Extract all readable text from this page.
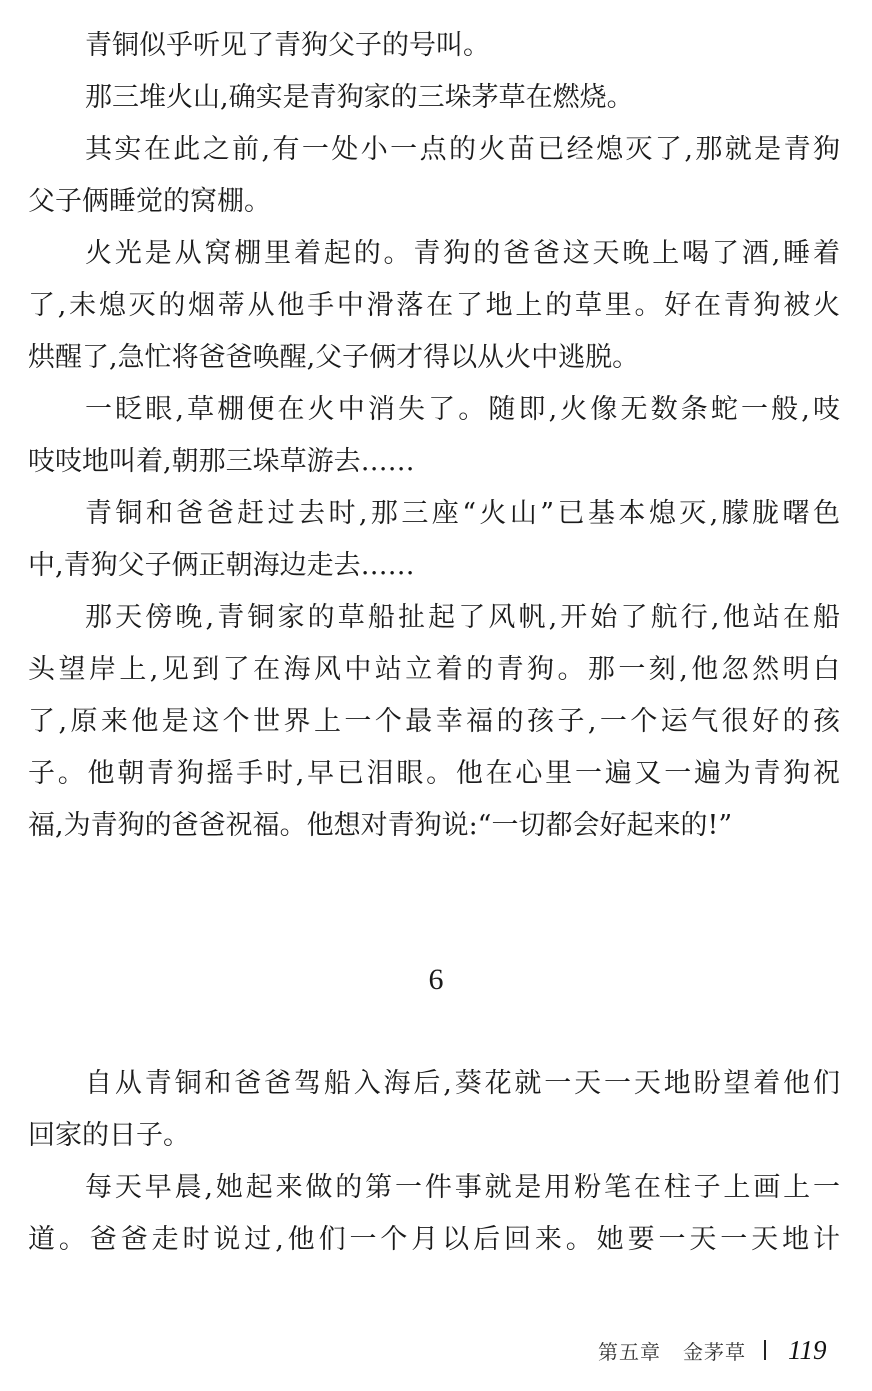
青铜似乎听见了青狗父子的号叫。
那三堆火山,确实是青狗家的三垛茅草在燃烧。
其实在此之前,有一处小一点的火苗已经熄灭了,那就是青狗
父子俩睡觉的窝棚。
火光是从窝棚里着起的。青狗的爸爸这天晚上喝了酒,睡着
了,未熄灭的烟蒂从他手中滑落在了地上的草里。好在青狗被火
烘醒了,急忙将爸爸唤醒,父子俩才得以从火中逃脱。
一眨眼,草棚便在火中消失了。随即,火像无数条蛇一般,吱
吱吱地叫着,朝那三垛草游去……
青铜和爸爸赶过去时,那三座“火山”已基本熄灭,朦胧曙色
中,青狗父子俩正朝海边走去……
那天傍晚,青铜家的草船扯起了风帆,开始了航行,他站在船
头望岸上,见到了在海风中站立着的青狗。那一刻,他忽然明白
了,原来他是这个世界上一个最幸福的孩子,一个运气很好的孩
子。他朝青狗摇手时,早已泪眼。他在心里一遍又一遍为青狗祝
福,为青狗的爸爸祝福。他想对青狗说:“一切都会好起来的!”
6
自从青铜和爸爸驾船入海后,葵花就一天一天地盼望着他们
回家的日子。
每天早晨,她起来做的第一件事就是用粉笔在柱子上画上一
道。爸爸走时说过,他们一个月以后回来。她要一天一天地计
第五章 金茅草 119
